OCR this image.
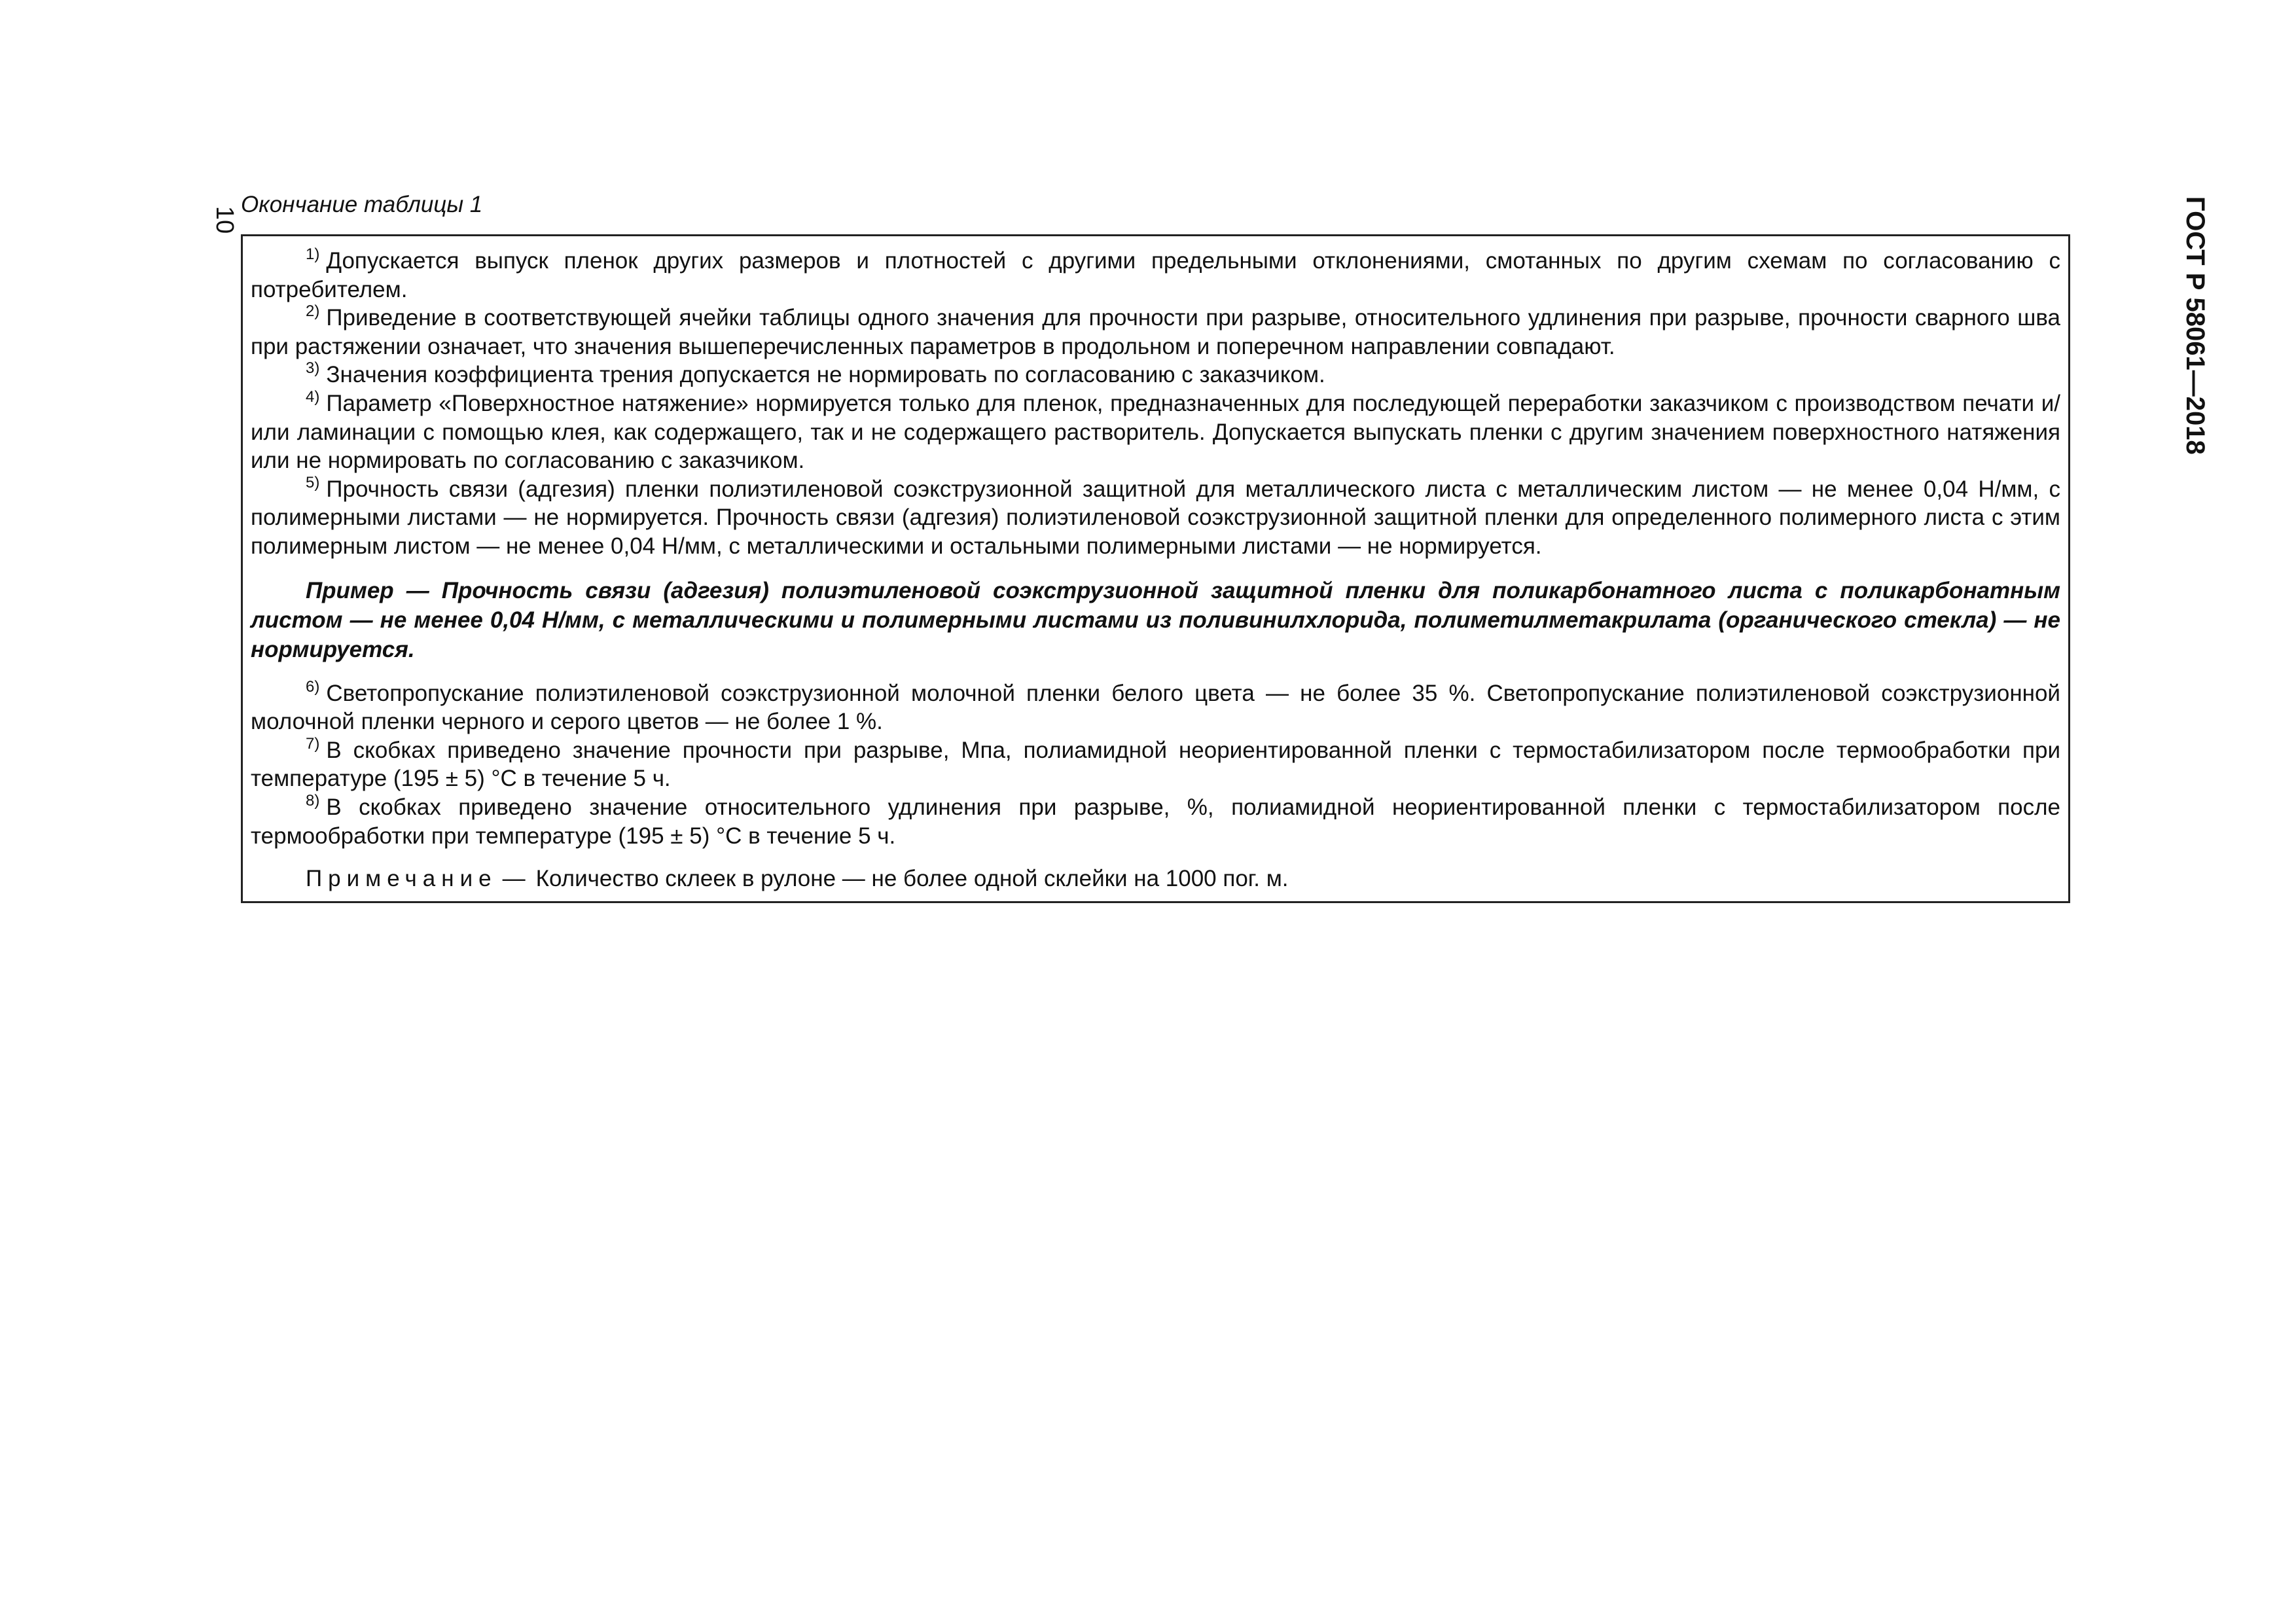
10	ГОСТ Р 58061—2018
Окончание таблицы 1

$^{1)}$ Допускается выпуск пленок других размеров и плотностей с другими предельными отклонениями, смотанных по другим схемам по согласованию с потребителем.

$^{2)}$ Приведение в соответствующей ячейки таблицы одного значения для прочности при разрыве, относительного удлинения при разрыве, прочности сварного шва при растяжении означает, что значения вышеперечисленных параметров в продольном и поперечном направлении совпадают.

$^{3)}$ Значения коэффициента трения допускается не нормировать по согласованию с заказчиком.

$^{4)}$ Параметр «Поверхностное натяжение» нормируется только для пленок, предназначенных для последующей переработки заказчиком с производством печати и/или ламинации с помощью клея, как содержащего, так и не содержащего растворитель. Допускается выпускать пленки с другим значением поверхностного натяжения или не нормировать по согласованию с заказчиком.

$^{5)}$ Прочность связи (адгезия) пленки полиэтиленовой соэкструзионной защитной для металлического листа с металлическим листом — не менее 0,04 Н/мм, с полимерными листами — не нормируется. Прочность связи (адгезия) полиэтиленовой соэкструзионной защитной пленки для определенного полимерного листа с этим полимерным листом — не менее 0,04 Н/мм, с металлическими и остальными полимерными листами — не нормируется.

Пример — Прочность связи (адгезия) полиэтиленовой соэкструзионной защитной пленки для поликарбонатного листа с поликарбонатным листом — не менее 0,04 Н/мм, с металлическими и полимерными листами из поливинилхлорида, полиметилметакрилата (органического стекла) — не нормируется.

$^{6)}$ Светопропускание полиэтиленовой соэкструзионной молочной пленки белого цвета — не более 35 %. Светопропускание полиэтиленовой соэкструзионной молочной пленки черного и серого цветов — не более 1 %.

$^{7)}$ В скобках приведено значение прочности при разрыве, Мпа, полиамидной неориентированной пленки с термостабилизатором после термообработки при температуре (195 ± 5) °С в течение 5 ч.

$^{8)}$ В скобках приведено значение относительного удлинения при разрыве, %, полиамидной неориентированной пленки с термостабилизатором после термообработки при температуре (195 ± 5) °С в течение 5 ч.

Примечание — Количество склеек в рулоне — не более одной склейки на 1000 пог. м.
